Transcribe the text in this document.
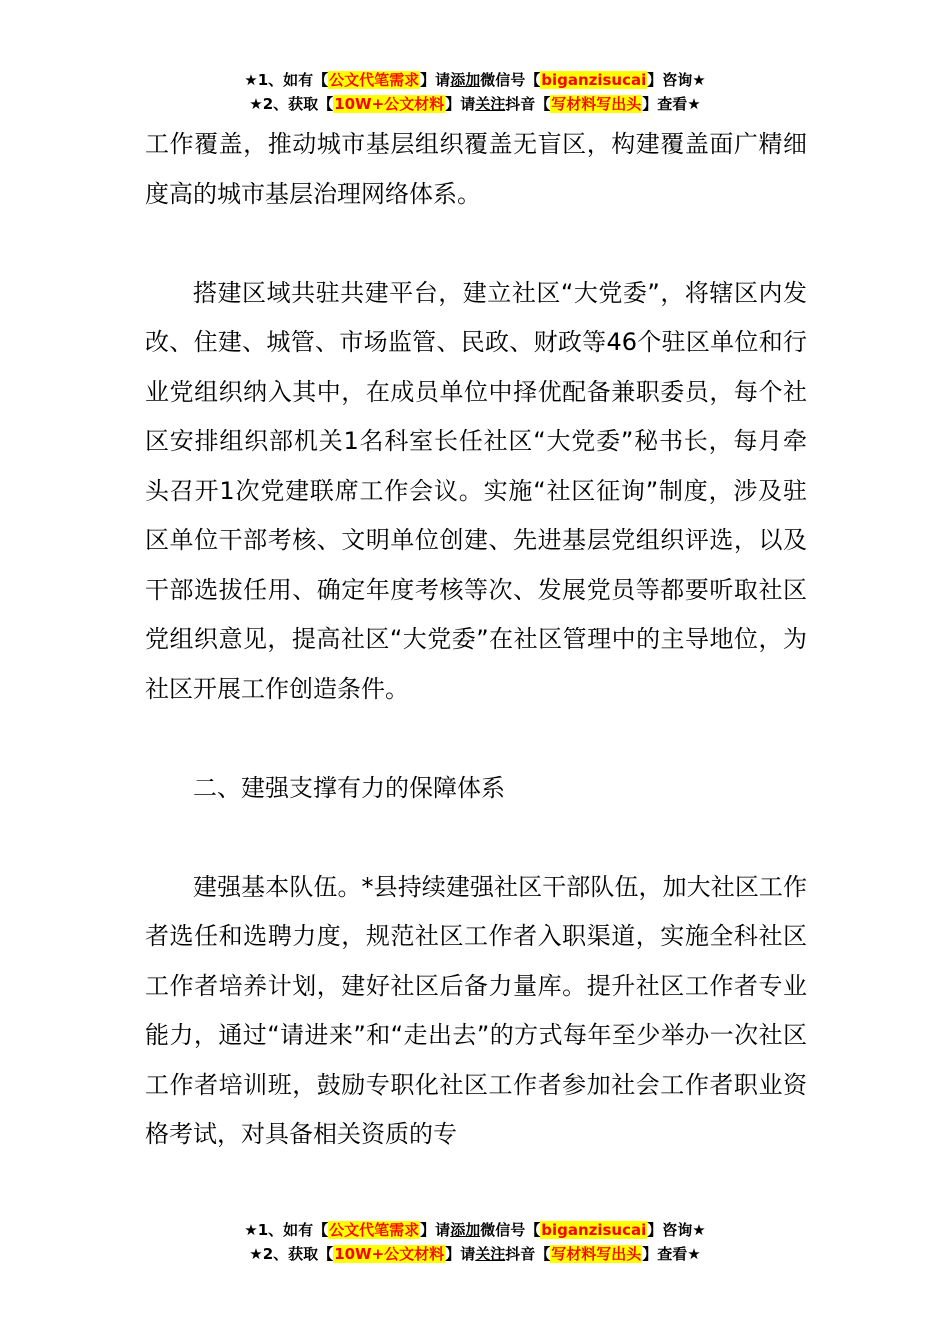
★1、如有【公文代笔需求】请添加微信号【biganzisucai】咨询★
★2、获取【10W+公文材料】请关注抖音【写材料写出头】查看★

工作覆盖，推动城市基层组织覆盖无盲区，构建覆盖面广精细度高的城市基层治理网络体系。

搭建区域共驻共建平台，建立社区“大党委”，将辖区内发改、住建、城管、市场监管、民政、财政等46个驻区单位和行业党组织纳入其中，在成员单位中择优配备兼职委员，每个社区安排组织部机关1名科室长任社区“大党委”秘书长，每月牵头召开1次党建联席工作会议。实施“社区征询”制度，涉及驻区单位干部考核、文明单位创建、先进基层党组织评选，以及干部选拔任用、确定年度考核等次、发展党员等都要听取社区党组织意见，提高社区“大党委”在社区管理中的主导地位，为社区开展工作创造条件。

二、建强支撑有力的保障体系

建强基本队伍。*县持续建强社区干部队伍，加大社区工作者选任和选聘力度，规范社区工作者入职渠道，实施全科社区工作者培养计划，建好社区后备力量库。提升社区工作者专业能力，通过“请进来”和“走出去”的方式每年至少举办一次社区工作者培训班，鼓励专职化社区工作者参加社会工作者职业资格考试，对具备相关资质的专

★1、如有【公文代笔需求】请添加微信号【biganzisucai】咨询★
★2、获取【10W+公文材料】请关注抖音【写材料写出头】查看★
